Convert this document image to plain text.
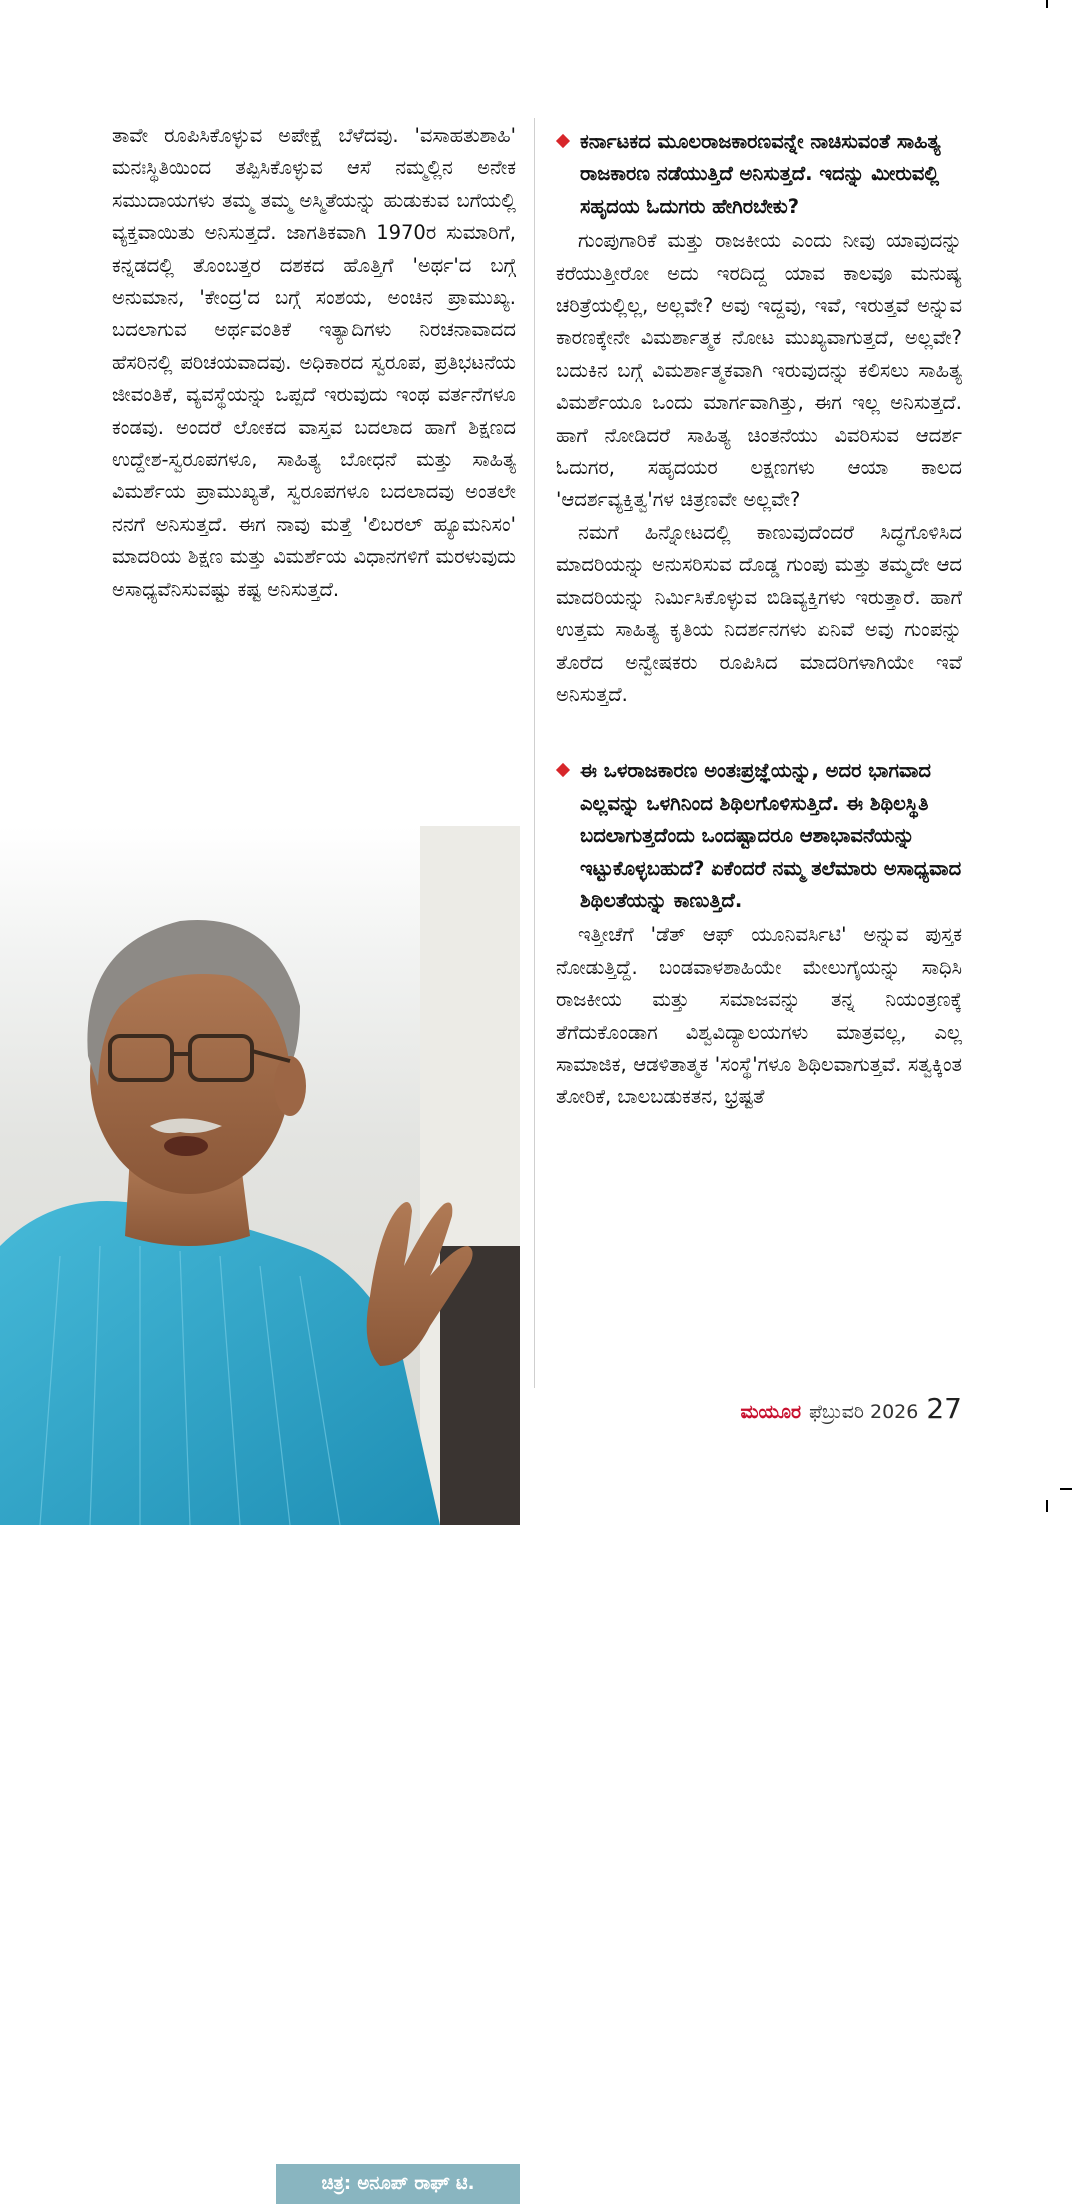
ತಾವೇ ರೂಪಿಸಿಕೊಳ್ಳುವ ಅಪೇಕ್ಷೆ ಬೆಳೆದವು. 'ವಸಾಹತುಶಾಹಿ' ಮನಃಸ್ಥಿತಿಯಿಂದ ತಪ್ಪಿಸಿಕೊಳ್ಳುವ ಆಸೆ ನಮ್ಮಲ್ಲಿನ ಅನೇಕ ಸಮುದಾಯಗಳು ತಮ್ಮ ತಮ್ಮ ಅಸ್ಮಿತೆಯನ್ನು ಹುಡುಕುವ ಬಗೆಯಲ್ಲಿ ವ್ಯಕ್ತವಾಯಿತು ಅನಿಸುತ್ತದೆ. ಜಾಗತಿಕವಾಗಿ 1970ರ ಸುಮಾರಿಗೆ, ಕನ್ನಡದಲ್ಲಿ ತೊಂಬತ್ತರ ದಶಕದ ಹೊತ್ತಿಗೆ 'ಅರ್ಥ'ದ ಬಗ್ಗೆ ಅನುಮಾನ, 'ಕೇಂದ್ರ'ದ ಬಗ್ಗೆ ಸಂಶಯ, ಅಂಚಿನ ಪ್ರಾಮುಖ್ಯ. ಬದಲಾಗುವ ಅರ್ಥವಂತಿಕೆ ಇತ್ಯಾದಿಗಳು ನಿರಚನಾವಾದದ ಹೆಸರಿನಲ್ಲಿ ಪರಿಚಯವಾದವು. ಅಧಿಕಾರದ ಸ್ವರೂಪ, ಪ್ರತಿಭಟನೆಯ ಜೀವಂತಿಕೆ, ವ್ಯವಸ್ಥೆಯನ್ನು ಒಪ್ಪದೆ ಇರುವುದು ಇಂಥ ವರ್ತನೆಗಳೂ ಕಂಡವು. ಅಂದರೆ ಲೋಕದ ವಾಸ್ತವ ಬದಲಾದ ಹಾಗೆ ಶಿಕ್ಷಣದ ಉದ್ದೇಶ-ಸ್ವರೂಪಗಳೂ, ಸಾಹಿತ್ಯ ಬೋಧನೆ ಮತ್ತು ಸಾಹಿತ್ಯ ವಿಮರ್ಶೆಯ ಪ್ರಾಮುಖ್ಯತೆ, ಸ್ವರೂಪಗಳೂ ಬದಲಾದವು ಅಂತಲೇ ನನಗೆ ಅನಿಸುತ್ತದೆ. ಈಗ ನಾವು ಮತ್ತೆ 'ಲಿಬರಲ್ ಹ್ಯೂಮನಿಸಂ' ಮಾದರಿಯ ಶಿಕ್ಷಣ ಮತ್ತು ವಿಮರ್ಶೆಯ ವಿಧಾನಗಳಿಗೆ ಮರಳುವುದು ಅಸಾಧ್ಯವೆನಿಸುವಷ್ಟು ಕಷ್ಟ ಅನಿಸುತ್ತದೆ.

ಕರ್ನಾಟಕದ ಮೂಲರಾಜಕಾರಣವನ್ನೇ ನಾಚಿಸುವಂತೆ ಸಾಹಿತ್ಯ ರಾಜಕಾರಣ ನಡೆಯುತ್ತಿದೆ ಅನಿಸುತ್ತದೆ. ಇದನ್ನು ಮೀರುವಲ್ಲಿ ಸಹೃದಯ ಓದುಗರು ಹೇಗಿರಬೇಕು?

ಗುಂಪುಗಾರಿಕೆ ಮತ್ತು ರಾಜಕೀಯ ಎಂದು ನೀವು ಯಾವುದನ್ನು ಕರೆಯುತ್ತೀರೋ ಅದು ಇರದಿದ್ದ ಯಾವ ಕಾಲವೂ ಮನುಷ್ಯ ಚರಿತ್ರೆಯಲ್ಲಿಲ್ಲ, ಅಲ್ಲವೇ? ಅವು ಇದ್ದವು, ಇವೆ, ಇರುತ್ತವೆ ಅನ್ನುವ ಕಾರಣಕ್ಕೇನೇ ವಿಮರ್ಶಾತ್ಮಕ ನೋಟ ಮುಖ್ಯವಾಗುತ್ತದೆ, ಅಲ್ಲವೇ? ಬದುಕಿನ ಬಗ್ಗೆ ವಿಮರ್ಶಾತ್ಮಕವಾಗಿ ಇರುವುದನ್ನು ಕಲಿಸಲು ಸಾಹಿತ್ಯ ವಿಮರ್ಶೆಯೂ ಒಂದು ಮಾರ್ಗವಾಗಿತ್ತು, ಈಗ ಇಲ್ಲ ಅನಿಸುತ್ತದೆ. ಹಾಗೆ ನೋಡಿದರೆ ಸಾಹಿತ್ಯ ಚಿಂತನೆಯು ವಿವರಿಸುವ ಆದರ್ಶ ಓದುಗರ, ಸಹೃದಯರ ಲಕ್ಷಣಗಳು ಆಯಾ ಕಾಲದ 'ಆದರ್ಶವ್ಯಕ್ತಿತ್ವ'ಗಳ ಚಿತ್ರಣವೇ ಅಲ್ಲವೇ?

ನಮಗೆ ಹಿನ್ನೋಟದಲ್ಲಿ ಕಾಣುವುದೆಂದರೆ ಸಿದ್ಧಗೊಳಿಸಿದ ಮಾದರಿಯನ್ನು ಅನುಸರಿಸುವ ದೊಡ್ಡ ಗುಂಪು ಮತ್ತು ತಮ್ಮದೇ ಆದ ಮಾದರಿಯನ್ನು ನಿರ್ಮಿಸಿಕೊಳ್ಳುವ ಬಿಡಿವ್ಯಕ್ತಿಗಳು ಇರುತ್ತಾರೆ. ಹಾಗೆ ಉತ್ತಮ ಸಾಹಿತ್ಯ ಕೃತಿಯ ನಿದರ್ಶನಗಳು ಏನಿವೆ ಅವು ಗುಂಪನ್ನು ತೊರೆದ ಅನ್ವೇಷಕರು ರೂಪಿಸಿದ ಮಾದರಿಗಳಾಗಿಯೇ ಇವೆ ಅನಿಸುತ್ತದೆ.

ಈ ಒಳರಾಜಕಾರಣ ಅಂತಃಪ್ರಜ್ಞೆಯನ್ನು, ಅದರ ಭಾಗವಾದ ಎಲ್ಲವನ್ನು ಒಳಗಿನಿಂದ ಶಿಥಿಲಗೊಳಿಸುತ್ತಿದೆ. ಈ ಶಿಥಿಲಸ್ಥಿತಿ ಬದಲಾಗುತ್ತದೆಂದು ಒಂದಷ್ಟಾದರೂ ಆಶಾಭಾವನೆಯನ್ನು ಇಟ್ಟುಕೊಳ್ಳಬಹುದೆ? ಏಕೆಂದರೆ ನಮ್ಮ ತಲೆಮಾರು ಅಸಾಧ್ಯವಾದ ಶಿಥಿಲತೆಯನ್ನು ಕಾಣುತ್ತಿದೆ.

ಇತ್ತೀಚೆಗೆ 'ಡೆತ್ ಆಫ್ ಯೂನಿವರ್ಸಿಟಿ' ಅನ್ನುವ ಪುಸ್ತಕ ನೋಡುತ್ತಿದ್ದೆ. ಬಂಡವಾಳಶಾಹಿಯೇ ಮೇಲುಗೈಯನ್ನು ಸಾಧಿಸಿ ರಾಜಕೀಯ ಮತ್ತು ಸಮಾಜವನ್ನು ತನ್ನ ನಿಯಂತ್ರಣಕ್ಕೆ ತೆಗೆದುಕೊಂಡಾಗ ವಿಶ್ವವಿದ್ಯಾಲಯಗಳು ಮಾತ್ರವಲ್ಲ, ಎಲ್ಲ ಸಾಮಾಜಿಕ, ಆಡಳಿತಾತ್ಮಕ 'ಸಂಸ್ಥೆ'ಗಳೂ ಶಿಥಿಲವಾಗುತ್ತವೆ. ಸತ್ವಕ್ಕಿಂತ ತೋರಿಕೆ, ಬಾಲಬಡುಕತನ, ಭ್ರಷ್ಟತೆ

ಚಿತ್ರ: ಅನೂಪ್ ರಾಘ್ ಟಿ.
ಮಯೂರ ಫೆಬ್ರುವರಿ 2026 27
